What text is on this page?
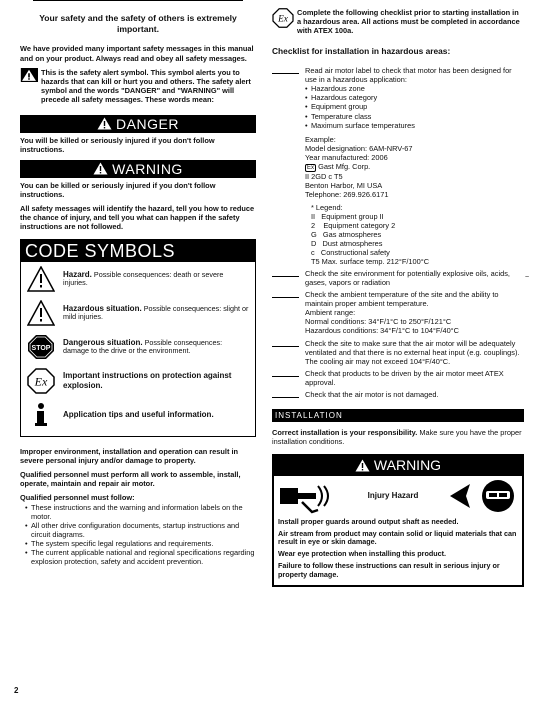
Your safety and the safety of others is extremely important.

We have provided many important safety messages in this manual and on your product. Always read and obey all safety messages.

This is the safety alert symbol. This symbol alerts you to hazards that can kill or hurt you and others. The safety alert symbol and the words "DANGER" and "WARNING" will precede all safety messages. These words mean:

DANGER

You will be killed or seriously injured if you don't follow instructions.

WARNING

You can be killed or seriously injured if you don't follow instructions.

All safety messages will identify the hazard, tell you how to reduce the chance of injury, and tell you what can happen if the safety instructions are not followed.

CODE SYMBOLS
Hazard. Possible consequences: death or severe injuries.
Hazardous situation. Possible consequences: slight or mild injuries.
STOP
Dangerous situation. Possible consequences: damage to the drive or the environment.
Ex Important instructions on protection against explosion.
Application tips and useful information.

Improper environment, installation and operation can result in severe personal injury and/or damage to property.

Qualified personnel must perform all work to assemble, install, operate, maintain and repair air motor.

Qualified personnel must follow:

• These instructions and the warning and information labels on the motor.
• All other drive configuration documents, startup instructions and circuit diagrams.
• The system specific legal regulations and requirements.
• The current applicable national and regional specifications regarding explosion protection, safety and accident prevention.
2
Ex

Complete the following checklist prior to starting installation in a hazardous area. All actions must be completed in accordance with ATEX 100a.

Checklist for installation in hazardous areas:
Read air motor label to check that motor has been designed for use in a hazardous application:
• Hazardous zone
• Hazardous category
• Equipment group
• Temperature class
• Maximum surface temperatures
Example:
Model designation: 6AM-NRV-67
Year manufactured: 2006
Ex Gast Mfg. Corp.
II 2GD c T5
Benton Harbor, MI USA
Telephone: 269.926.6171
* Legend:
II   Equipment group II
2    Equipment category 2
G   Gas atmospheres
D   Dust atmospheres
c   Constructional safety
T5 Max. surface temp. 212°F/100°C
Check the site environment for potentially explosive oils, acids, gases, vapors or radiation
Check the ambient temperature of the site and the ability to maintain proper ambient temperature.
Ambient range:
Normal conditions: 34°F/1°C to 250°F/121°C
Hazardous conditions: 34°F/1°C to 104°F/40°C
Check the site to make sure that the air motor will be adequately ventilated and that there is no external heat input (e.g. couplings). The cooling air may not exceed 104°F/40°C.
Check that products to be driven by the air motor meet ATEX approval.
Check that the air motor is not damaged.
INSTALLATION

Correct installation is your responsibility. Make sure you have the proper installation conditions.

WARNING
Injury Hazard

Install proper guards around output shaft as needed.

Air stream from product may contain solid or liquid materials that can result in eye or skin damage.

Wear eye protection when installing this product.

Failure to follow these instructions can result in serious injury or property damage.

~
